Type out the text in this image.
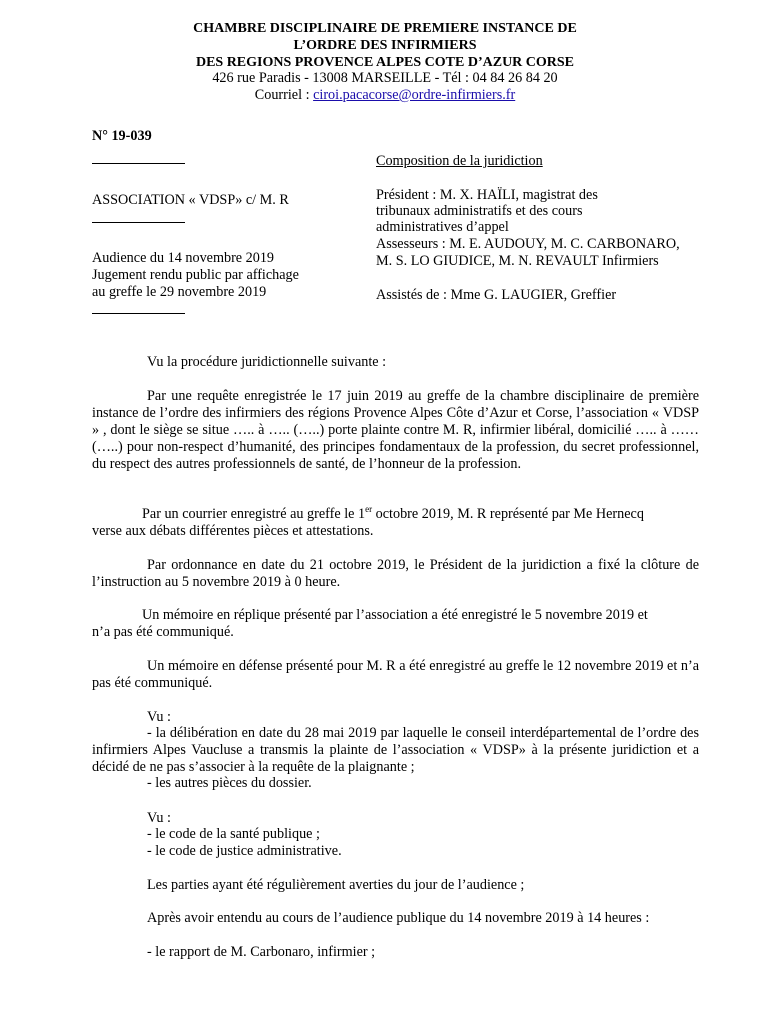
CHAMBRE DISCIPLINAIRE DE PREMIERE INSTANCE DE
L’ORDRE DES INFIRMIERS
DES REGIONS PROVENCE ALPES COTE D’AZUR CORSE
426 rue Paradis - 13008 MARSEILLE - Tél : 04 84 26 84 20
Courriel : ciroi.pacacorse@ordre-infirmiers.fr
N° 19-039
ASSOCIATION « VDSP» c/ M. R
Audience du 14 novembre 2019
Jugement rendu public par affichage
au greffe le 29 novembre 2019
Composition de la juridiction
Président : M. X. HAÏLI, magistrat des
tribunaux administratifs et des cours
administratives d’appel
Assesseurs : M. E. AUDOUY, M. C. CARBONARO,
M. S. LO GIUDICE, M. N. REVAULT Infirmiers
Assistés de : Mme G. LAUGIER, Greffier
Vu la procédure juridictionnelle suivante :

Par une requête enregistrée le 17 juin 2019 au greffe de la chambre disciplinaire de première instance de l’ordre des infirmiers des régions Provence Alpes Côte d’Azur et Corse, l’association « VDSP » , dont le siège se situe ….. à ….. (…..) porte plainte contre M. R, infirmier libéral, domicilié ….. à …… (…..) pour non-respect d’humanité, des principes fondamentaux de la profession, du secret professionnel, du respect des autres professionnels de santé, de l’honneur de la profession.

Par un courrier enregistré au greffe le 1er octobre 2019, M. R représenté par Me Hernecq
verse aux débats différentes pièces et attestations.

Par ordonnance en date du 21 octobre 2019, le Président de la juridiction a fixé la clôture de l’instruction au 5 novembre 2019 à 0 heure.

Un mémoire en réplique présenté par l’association a été enregistré le 5 novembre 2019 et
n’a pas été communiqué.

Un mémoire en défense présenté pour M. R a été enregistré au greffe le 12 novembre 2019 et n’a pas été communiqué.

Vu :

- la délibération en date du 28 mai 2019 par laquelle le conseil interdépartemental de l’ordre des infirmiers Alpes Vaucluse a transmis la plainte de l’association « VDSP» à la présente juridiction et a décidé de ne pas s’associer à la requête de la plaignante ;

- les autres pièces du dossier.
Vu :
- le code de la santé publique ;
- le code de justice administrative.
Les parties ayant été régulièrement averties du jour de l’audience ;
Après avoir entendu au cours de l’audience publique du 14 novembre 2019 à 14 heures :
- le rapport de M. Carbonaro, infirmier ;
